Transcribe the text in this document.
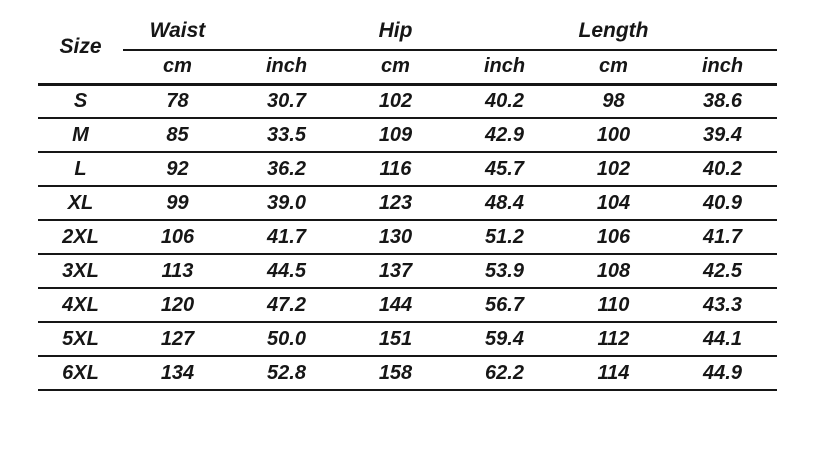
Size	Waist		Hip		Length	
	cm	inch	cm	inch	cm	inch
S	78	30.7	102	40.2	98	38.6
M	85	33.5	109	42.9	100	39.4
L	92	36.2	116	45.7	102	40.2
XL	99	39.0	123	48.4	104	40.9
2XL	106	41.7	130	51.2	106	41.7
3XL	113	44.5	137	53.9	108	42.5
4XL	120	47.2	144	56.7	110	43.3
5XL	127	50.0	151	59.4	112	44.1
6XL	134	52.8	158	62.2	114	44.9
